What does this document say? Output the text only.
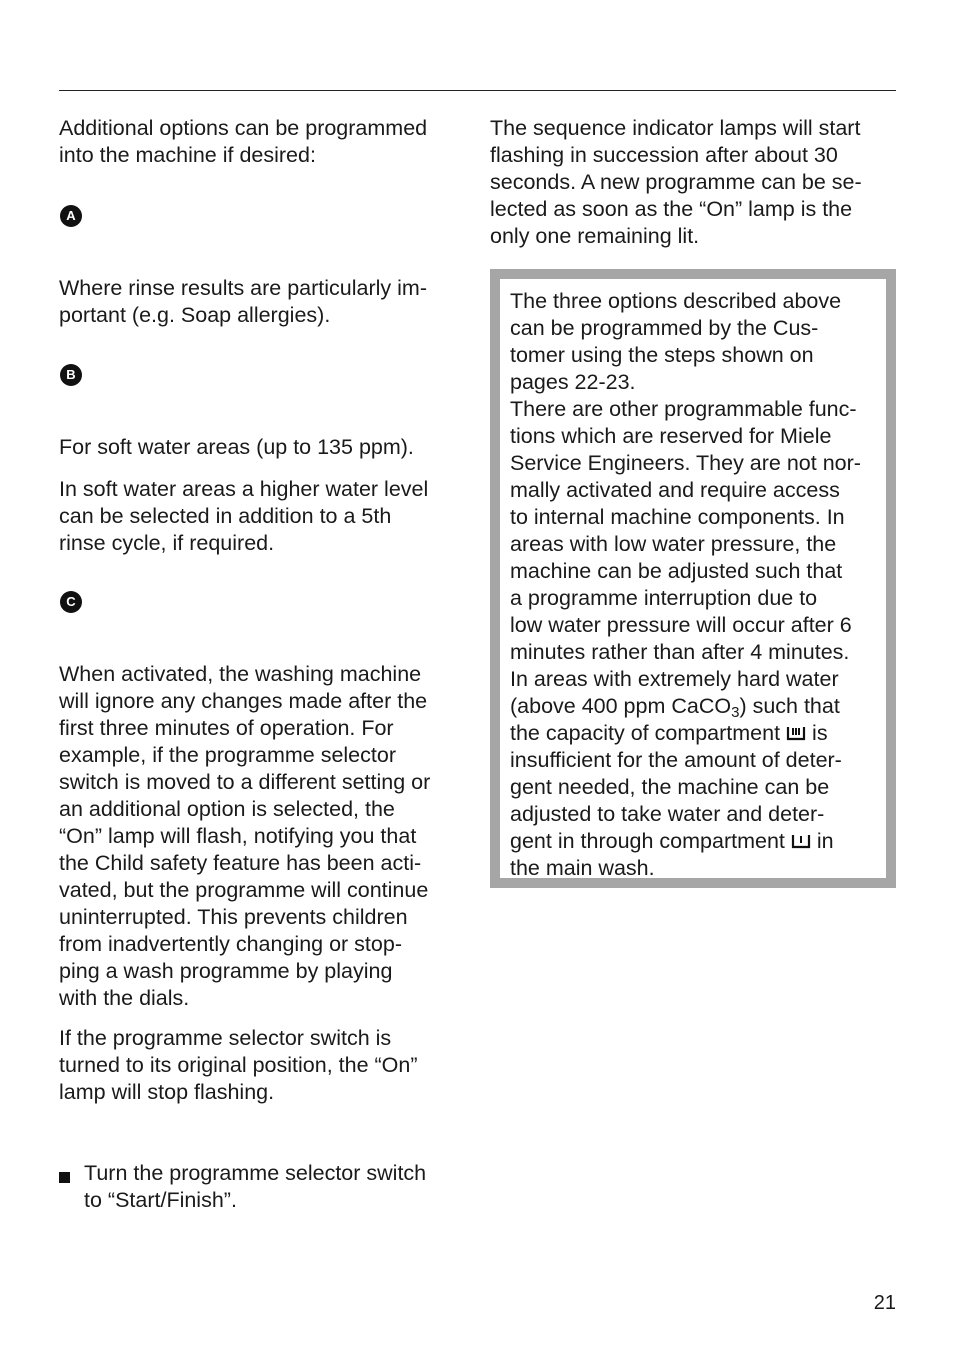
Additional options can be programmed
into the machine if desired:

A

Where rinse results are particularly im-
portant (e.g. Soap allergies).

B

For soft water areas (up to 135 ppm).

In soft water areas a higher water level
can be selected in addition to a 5th
rinse cycle, if required.

C

When activated, the washing machine
will ignore any changes made after the
first three minutes of operation. For
example, if the programme selector
switch is moved to a different setting or
an additional option is selected, the
“On” lamp will flash, notifying you that
the Child safety feature has been acti-
vated, but the programme will continue
uninterrupted. This prevents children
from inadvertently changing or stop-
ping a wash programme by playing
with the dials.

If the programme selector switch is
turned to its original position, the “On”
lamp will stop flashing.

Turn the programme selector switch
to “Start/Finish”.

The sequence indicator lamps will start
flashing in succession after about 30
seconds. A new programme can be se-
lected as soon as the “On” lamp is the
only one remaining lit.

The three options described above
can be programmed by the Cus-
tomer using the steps shown on
pages 22-23.
There are other programmable func-
tions which are reserved for Miele
Service Engineers. They are not nor-
mally activated and require access
to internal machine components. In
areas with low water pressure, the
machine can be adjusted such that
a programme interruption due to
low water pressure will occur after 6
minutes rather than after 4 minutes.
In areas with extremely hard water
(above 400 ppm CaCO$_3$) such that
the capacity of compartment is
insufficient for the amount of deter-
gent needed, the machine can be
adjusted to take water and deter-
gent in through compartment in
the main wash.

21
